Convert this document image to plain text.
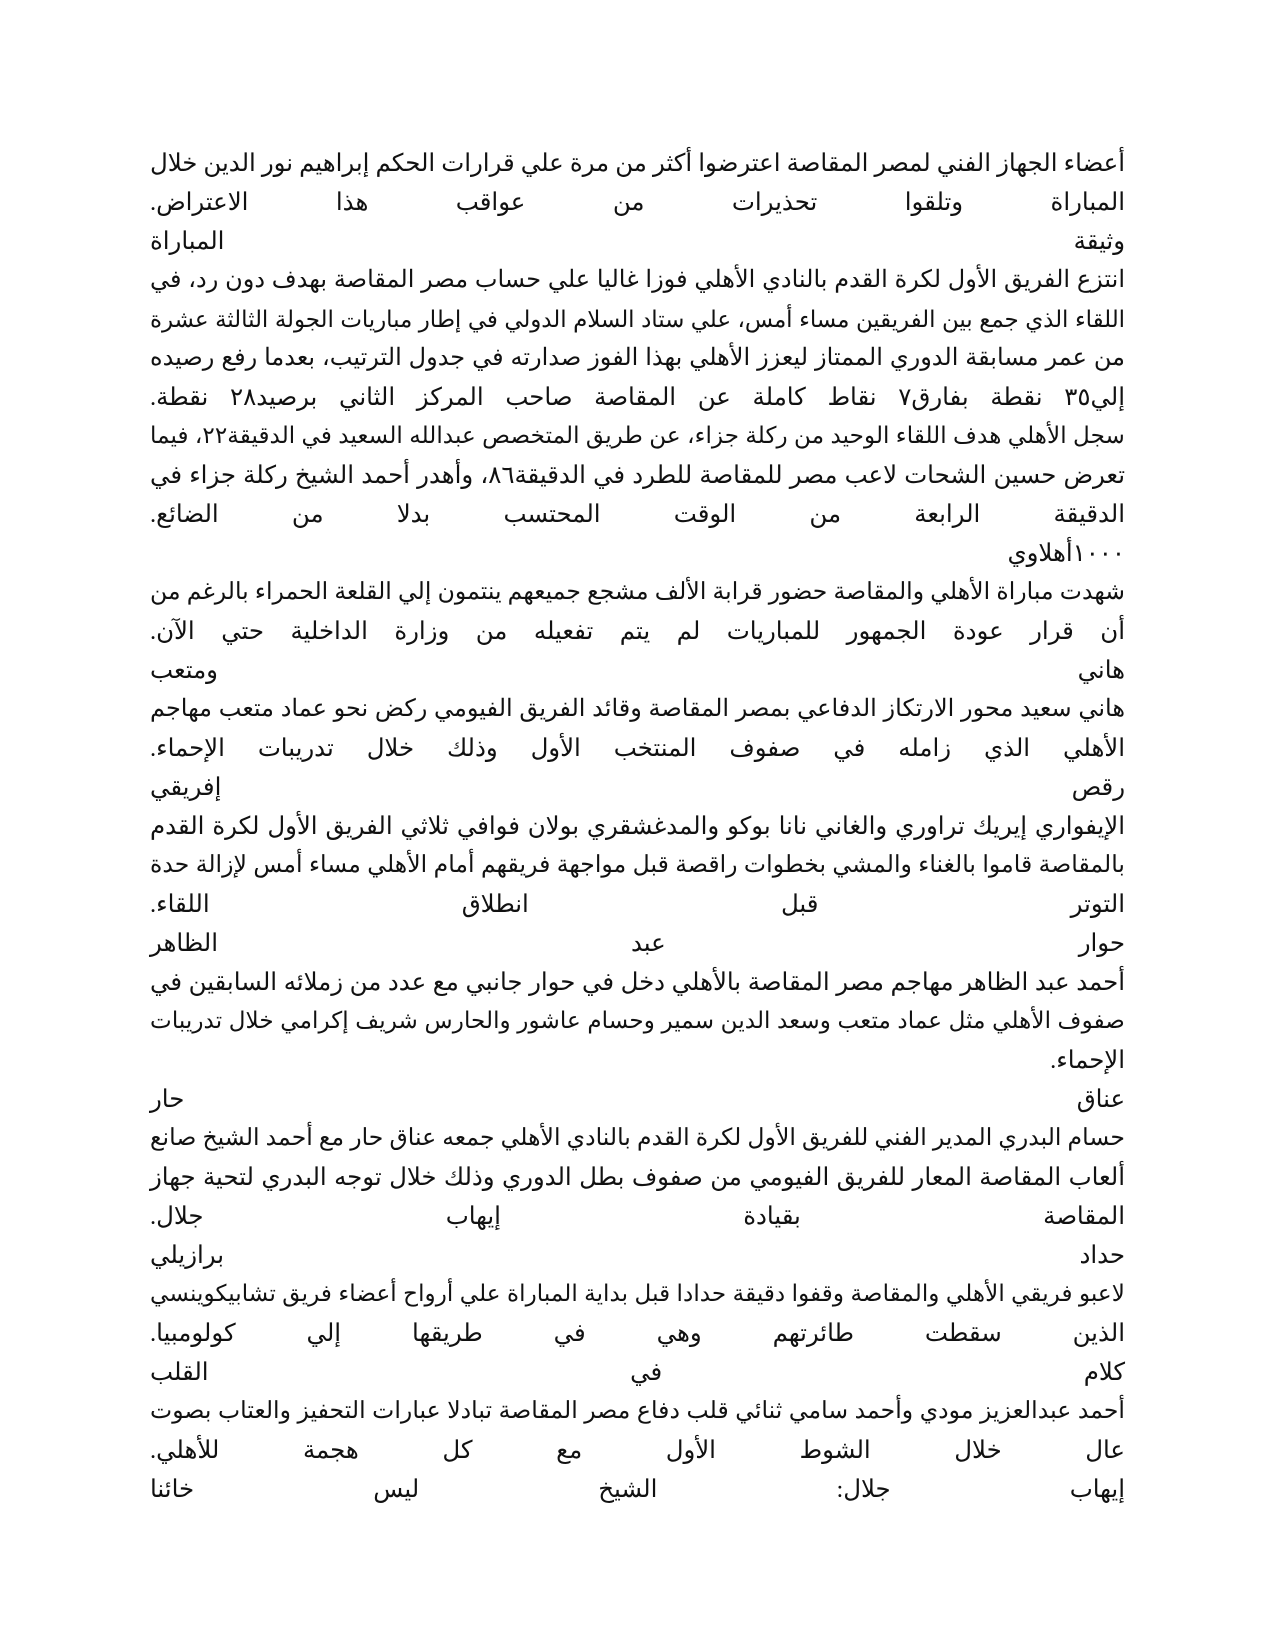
أعضاء الجهاز الفني لمصر المقاصة اعترضوا أكثر من مرة علي قرارات الحكم إبراهيم نور الدين خلال
المباراة وتلقوا تحذيرات من عواقب هذا الاعتراض.
وثيقة المباراة
انتزع الفريق الأول لكرة القدم بالنادي الأهلي فوزا غاليا علي حساب مصر المقاصة بهدف دون رد، في
اللقاء الذي جمع بين الفريقين مساء أمس، علي ستاد السلام الدولي في إطار مباريات الجولة الثالثة عشرة
من عمر مسابقة الدوري الممتاز ليعزز الأهلي بهذا الفوز صدارته في جدول الترتيب، بعدما رفع رصيده
إلي٣٥ نقطة بفارق٧ نقاط كاملة عن المقاصة صاحب المركز الثاني برصيد٢٨ نقطة.
سجل الأهلي هدف اللقاء الوحيد من ركلة جزاء، عن طريق المتخصص عبدالله السعيد في الدقيقة٢٢، فيما
تعرض حسين الشحات لاعب مصر للمقاصة للطرد في الدقيقة٨٦، وأهدر أحمد الشيخ ركلة جزاء في
الدقيقة الرابعة من الوقت المحتسب بدلا من الضائع.
١٠٠٠أهلاوي
شهدت مباراة الأهلي والمقاصة حضور قرابة الألف مشجع جميعهم ينتمون إلي القلعة الحمراء بالرغم من
أن قرار عودة الجمهور للمباريات لم يتم تفعيله من وزارة الداخلية حتي الآن.
هاني ومتعب
هاني سعيد محور الارتكاز الدفاعي بمصر المقاصة وقائد الفريق الفيومي ركض نحو عماد متعب مهاجم
الأهلي الذي زامله في صفوف المنتخب الأول وذلك خلال تدريبات الإحماء.
رقص إفريقي
الإيفواري إيريك تراوري والغاني نانا بوكو والمدغشقري بولان فوافي ثلاثي الفريق الأول لكرة القدم
بالمقاصة قاموا بالغناء والمشي بخطوات راقصة قبل مواجهة فريقهم أمام الأهلي مساء أمس لإزالة حدة
التوتر قبل انطلاق اللقاء.
حوار عبد الظاهر
أحمد عبد الظاهر مهاجم مصر المقاصة بالأهلي دخل في حوار جانبي مع عدد من زملائه السابقين في
صفوف الأهلي مثل عماد متعب وسعد الدين سمير وحسام عاشور والحارس شريف إكرامي خلال تدريبات
الإحماء.
عناق حار
حسام البدري المدير الفني للفريق الأول لكرة القدم بالنادي الأهلي جمعه عناق حار مع أحمد الشيخ صانع
ألعاب المقاصة المعار للفريق الفيومي من صفوف بطل الدوري وذلك خلال توجه البدري لتحية جهاز
المقاصة بقيادة إيهاب جلال.
حداد برازيلي
لاعبو فريقي الأهلي والمقاصة وقفوا دقيقة حدادا قبل بداية المباراة علي أرواح أعضاء فريق تشابيكوينسي
الذين سقطت طائرتهم وهي في طريقها إلي كولومبيا.
كلام في القلب
أحمد عبدالعزيز مودي وأحمد سامي ثنائي قلب دفاع مصر المقاصة تبادلا عبارات التحفيز والعتاب بصوت
عال خلال الشوط الأول مع كل هجمة للأهلي.
إيهاب جلال: الشيخ ليس خائنا
